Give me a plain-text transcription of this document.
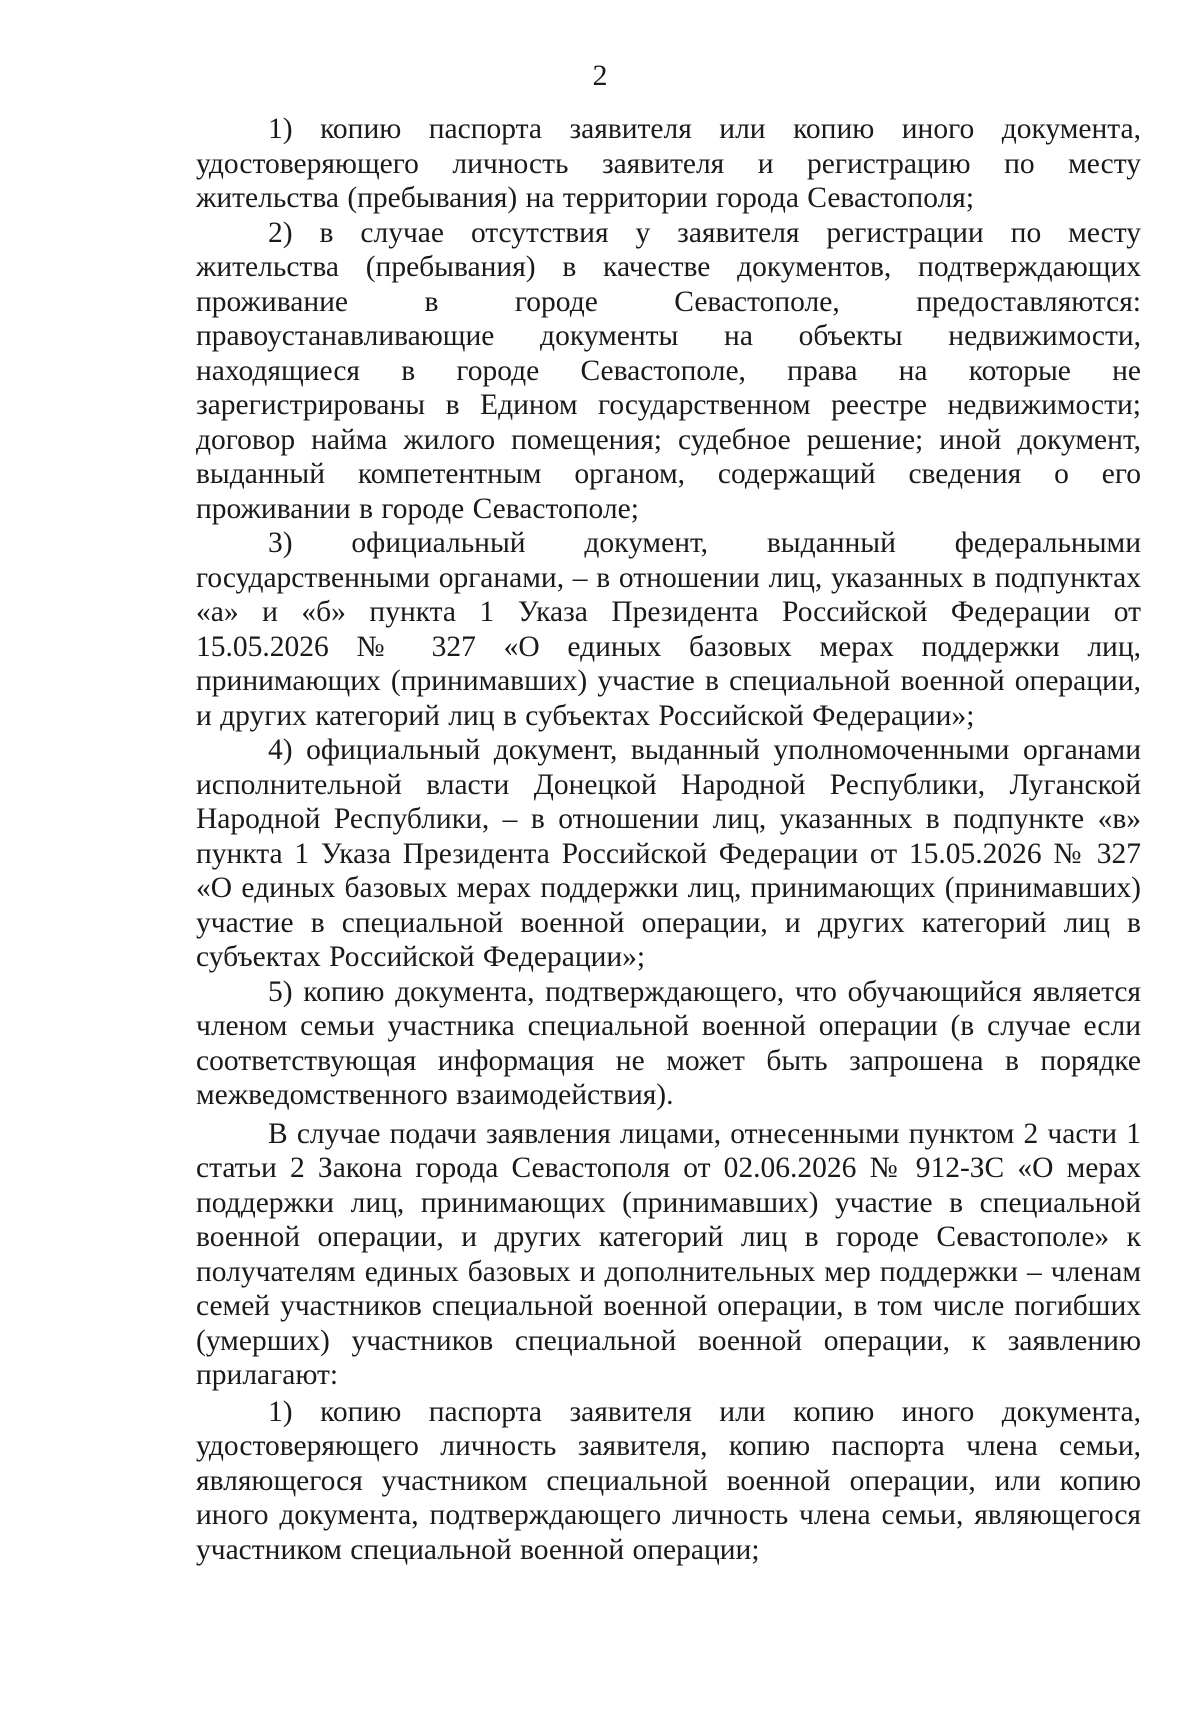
2

1) копию паспорта заявителя или копию иного документа, удостоверяющего личность заявителя и регистрацию по месту жительства (пребывания) на территории города Севастополя;

2) в случае отсутствия у заявителя регистрации по месту жительства (пребывания) в качестве документов, подтверждающих проживание в городе Севастополе, предоставляются: правоустанавливающие документы на объекты недвижимости, находящиеся в городе Севастополе, права на которые не зарегистрированы в Едином государственном реестре недвижимости; договор найма жилого помещения; судебное решение; иной документ, выданный компетентным органом, содержащий сведения о его проживании в городе Севастополе;

3) официальный документ, выданный федеральными государственными органами, – в отношении лиц, указанных в подпунктах «а» и «б» пункта 1 Указа Президента Российской Федерации от 15.05.2026 № 327 «О единых базовых мерах поддержки лиц, принимающих (принимавших) участие в специальной военной операции, и других категорий лиц в субъектах Российской Федерации»;

4) официальный документ, выданный уполномоченными органами исполнительной власти Донецкой Народной Республики, Луганской Народной Республики, – в отношении лиц, указанных в подпункте «в» пункта 1 Указа Президента Российской Федерации от 15.05.2026 № 327 «О единых базовых мерах поддержки лиц, принимающих (принимавших) участие в специальной военной операции, и других категорий лиц в субъектах Российской Федерации»;

5) копию документа, подтверждающего, что обучающийся является членом семьи участника специальной военной операции (в случае если соответствующая информация не может быть запрошена в порядке межведомственного взаимодействия).

В случае подачи заявления лицами, отнесенными пунктом 2 части 1 статьи 2 Закона города Севастополя от 02.06.2026 № 912-ЗС «О мерах поддержки лиц, принимающих (принимавших) участие в специальной военной операции, и других категорий лиц в городе Севастополе» к получателям единых базовых и дополнительных мер поддержки – членам семей участников специальной военной операции, в том числе погибших (умерших) участников специальной военной операции, к заявлению прилагают:

1) копию паспорта заявителя или копию иного документа, удостоверяющего личность заявителя, копию паспорта члена семьи, являющегося участником специальной военной операции, или копию иного документа, подтверждающего личность члена семьи, являющегося участником специальной военной операции;
